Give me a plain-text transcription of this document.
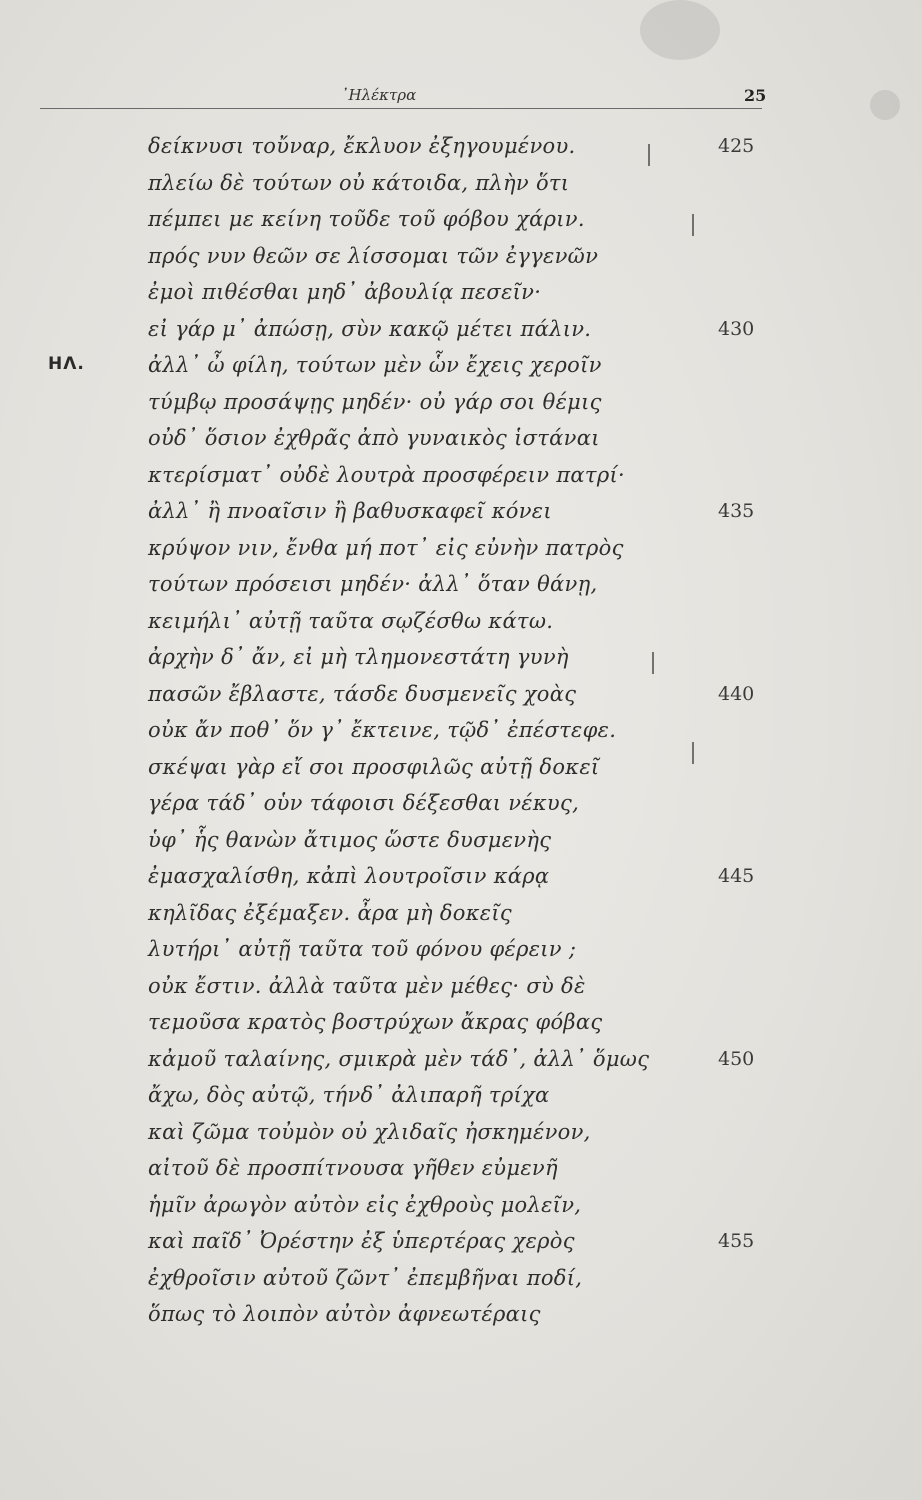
᾽Ηλέκτρα	25
ΗΛ.
δείκνυσι τοὔναρ, ἔκλυον ἐξηγουμένου.	425
πλείω δὲ τούτων οὐ κάτοιδα, πλὴν ὅτι
πέμπει με κείνη τοῦδε τοῦ φόβου χάριν.
πρός νυν θεῶν σε λίσσομαι τῶν ἐγγενῶν
ἐμοὶ πιθέσθαι μηδ᾽ ἀβουλίᾳ πεσεῖν·
εἰ γάρ μ᾽ ἀπώσῃ, σὺν κακῷ μέτει πάλιν.	430
ἀλλ᾽ ὦ φίλη, τούτων μὲν ὧν ἔχεις χεροῖν
τύμβῳ προσάψῃς μηδέν· οὐ γάρ σοι θέμις
οὐδ᾽ ὅσιον ἐχθρᾶς ἀπὸ γυναικὸς ἱστάναι
κτερίσματ᾽ οὐδὲ λουτρὰ προσφέρειν πατρί·
ἀλλ᾽ ἢ πνοαῖσιν ἢ βαθυσκαφεῖ κόνει	435
κρύψον νιν, ἔνθα μή ποτ᾽ εἰς εὐνὴν πατρὸς
τούτων πρόσεισι μηδέν· ἀλλ᾽ ὅταν θάνῃ,
κειμήλι᾽ αὐτῇ ταῦτα σῳζέσθω κάτω.
ἀρχὴν δ᾽ ἄν, εἰ μὴ τλημονεστάτη γυνὴ
πασῶν ἔβλαστε, τάσδε δυσμενεῖς χοὰς	440
οὐκ ἄν ποθ᾽ ὅν γ᾽ ἔκτεινε, τῷδ᾽ ἐπέστεφε.
σκέψαι γὰρ εἴ σοι προσφιλῶς αὐτῇ δοκεῖ
γέρα τάδ᾽ οὑν τάφοισι δέξεσθαι νέκυς,
ὑφ᾽ ἧς θανὼν ἄτιμος ὥστε δυσμενὴς
ἐμασχαλίσθη, κἀπὶ λουτροῖσιν κάρᾳ	445
κηλῖδας ἐξέμαξεν. ἆρα μὴ δοκεῖς
λυτήρι᾽ αὐτῇ ταῦτα τοῦ φόνου φέρειν ;
οὐκ ἔστιν. ἀλλὰ ταῦτα μὲν μέθες· σὺ δὲ
τεμοῦσα κρατὸς βοστρύχων ἄκρας φόβας
κἀμοῦ ταλαίνης, σμικρὰ μὲν τάδ᾽, ἀλλ᾽ ὅμως	450
ἄχω, δὸς αὐτῷ, τήνδ᾽ ἀλιπαρῆ τρίχα
καὶ ζῶμα τοὐμὸν οὐ χλιδαῖς ἠσκημένον,
αἰτοῦ δὲ προσπίτνουσα γῆθεν εὐμενῆ
ἡμῖν ἀρωγὸν αὐτὸν εἰς ἐχθροὺς μολεῖν,
καὶ παῖδ᾽ Ὀρέστην ἐξ ὑπερτέρας χερὸς	455
ἐχθροῖσιν αὐτοῦ ζῶντ᾽ ἐπεμβῆναι ποδί,
ὅπως τὸ λοιπὸν αὐτὸν ἀφνεωτέραις
